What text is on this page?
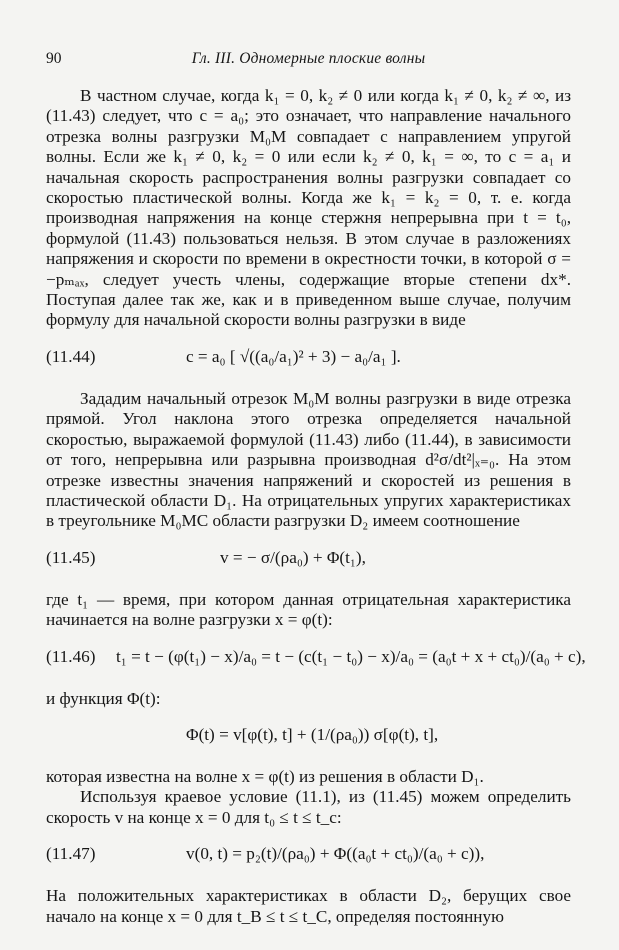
90	Гл. III. Одномерные плоские волны

В частном случае, когда k₁ = 0, k₂ ≠ 0 или когда k₁ ≠ 0, k₂ ≠ ∞, из (11.43) следует, что c = a₀; это означает, что направление начального отрезка волны разгрузки M₀M совпадает с направлением упругой волны. Если же k₁ ≠ 0, k₂ = 0 или если k₂ ≠ 0, k₁ = ∞, то c = a₁ и начальная скорость распространения волны разгрузки совпадает со скоростью пластической волны. Когда же k₁ = k₂ = 0, т. е. когда производная напряжения на конце стержня непрерывна при t = t₀, формулой (11.43) пользоваться нельзя. В этом случае в разложениях напряжения и скорости по времени в окрестности точки, в которой σ = −pₘₐₓ, следует учесть члены, содержащие вторые степени dx*. Поступая далее так же, как и в приведенном выше случае, получим формулу для начальной скорости волны разгрузки в виде

(11.44)	c = a₀ [ √((a₀/a₁)² + 3) − a₀/a₁ ].

Зададим начальный отрезок M₀M волны разгрузки в виде отрезка прямой. Угол наклона этого отрезка определяется начальной скоростью, выражаемой формулой (11.43) либо (11.44), в зависимости от того, непрерывна или разрывна производная d²σ/dt²|ₓ₌₀. На этом отрезке известны значения напряжений и скоростей из решения в пластической области D₁. На отрицательных упругих характеристиках в треугольнике M₀MC области разгрузки D₂ имеем соотношение

(11.45)	v = − σ/(ρa₀) + Φ(t₁),

где t₁ — время, при котором данная отрицательная характеристика начинается на волне разгрузки x = φ(t):

(11.46) t₁ = t − (φ(t₁) − x)/a₀ = t − (c(t₁ − t₀) − x)/a₀ = (a₀t + x + ct₀)/(a₀ + c),

и функция Φ(t):

Φ(t) = v[φ(t), t] + (1/(ρa₀)) σ[φ(t), t],

которая известна на волне x = φ(t) из решения в области D₁.

Используя краевое условие (11.1), из (11.45) можем определить скорость v на конце x = 0 для t₀ ≤ t ≤ t_c:

(11.47)	v(0, t) = p₂(t)/(ρa₀) + Φ((a₀t + ct₀)/(a₀ + c)),

На положительных характеристиках в области D₂, берущих свое начало на конце x = 0 для t_B ≤ t ≤ t_C, определяя постоянную
